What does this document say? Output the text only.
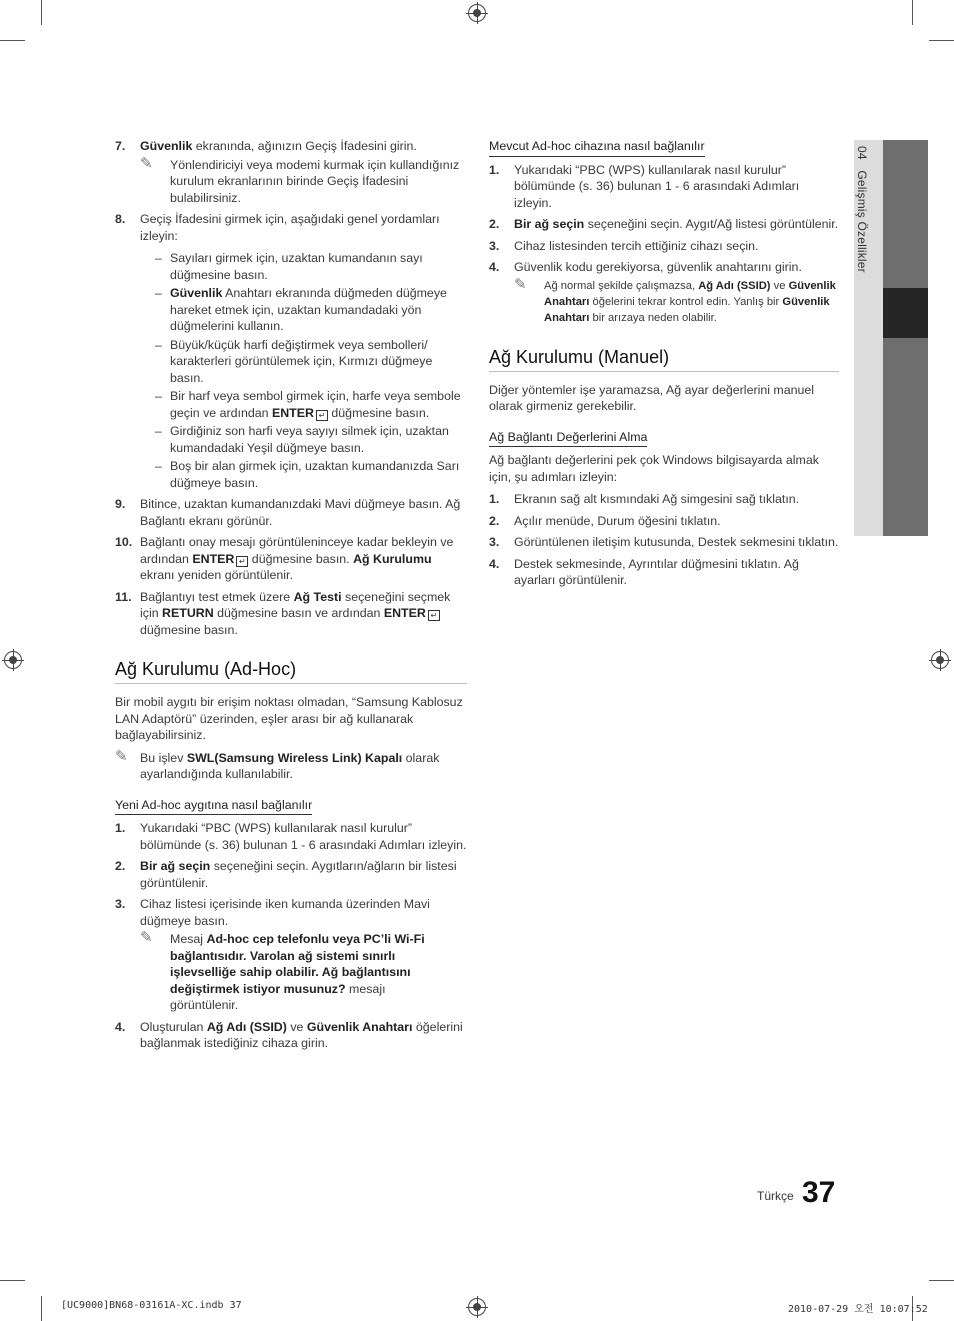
04   Gelişmiş Özellikler
7. Güvenlik ekranında, ağınızın Geçiş İfadesini girin.
✎ Yönlendiriciyi veya modemi kurmak için kullandığınız kurulum ekranlarının birinde Geçiş İfadesini bulabilirsiniz.
8. Geçiş İfadesini girmek için, aşağıdaki genel yordamları izleyin:
– Sayıları girmek için, uzaktan kumandanın sayı düğmesine basın.
– Güvenlik Anahtarı ekranında düğmeden düğmeye hareket etmek için, uzaktan kumandadaki yön düğmelerini kullanın.
– Büyük/küçük harfi değiştirmek veya sembolleri/ karakterleri görüntülemek için, Kırmızı düğmeye basın.
– Bir harf veya sembol girmek için, harfe veya sembole geçin ve ardından ENTER ↵ düğmesine basın.
– Girdiğiniz son harfi veya sayıyı silmek için, uzaktan kumandadaki Yeşil düğmeye basın.
– Boş bir alan girmek için, uzaktan kumandanızda Sarı düğmeye basın.
9. Bitince, uzaktan kumandanızdaki Mavi düğmeye basın. Ağ Bağlantı ekranı görünür.
10. Bağlantı onay mesajı görüntüleninceye kadar bekleyin ve ardından ENTER ↵ düğmesine basın. Ağ Kurulumu ekranı yeniden görüntülenir.
11. Bağlantıyı test etmek üzere Ağ Testi seçeneğini seçmek için RETURN düğmesine basın ve ardından ENTER ↵ düğmesine basın.
Ağ Kurulumu (Ad-Hoc)

Bir mobil aygıtı bir erişim noktası olmadan, “Samsung Kablosuz LAN Adaptörü” üzerinden, eşler arası bir ağ kullanarak bağlayabilirsiniz.

✎ Bu işlev SWL(Samsung Wireless Link) Kapalı olarak ayarlandığında kullanılabilir.
Yeni Ad-hoc aygıtına nasıl bağlanılır
1. Yukarıdaki “PBC (WPS) kullanılarak nasıl kurulur” bölümünde (s. 36) bulunan 1 - 6 arasındaki Adımları izleyin.
2. Bir ağ seçin seçeneğini seçin. Aygıtların/ağların bir listesi görüntülenir.
3. Cihaz listesi içerisinde iken kumanda üzerinden Mavi düğmeye basın.
✎ Mesaj Ad-hoc cep telefonlu veya PC’li Wi-Fi bağlantısıdır. Varolan ağ sistemi sınırlı işlevselliğe sahip olabilir. Ağ bağlantısını değiştirmek istiyor musunuz? mesajı görüntülenir.
4. Oluşturulan Ağ Adı (SSID) ve Güvenlik Anahtarı öğelerini bağlanmak istediğiniz cihaza girin.
Mevcut Ad-hoc cihazına nasıl bağlanılır
1. Yukarıdaki “PBC (WPS) kullanılarak nasıl kurulur” bölümünde (s. 36) bulunan 1 - 6 arasındaki Adımları izleyin.
2. Bir ağ seçin seçeneğini seçin. Aygıt/Ağ listesi görüntülenir.
3. Cihaz listesinden tercih ettiğiniz cihazı seçin.
4. Güvenlik kodu gerekiyorsa, güvenlik anahtarını girin.
✎ Ağ normal şekilde çalışmazsa, Ağ Adı (SSID) ve Güvenlik Anahtarı öğelerini tekrar kontrol edin. Yanlış bir Güvenlik Anahtarı bir arızaya neden olabilir.
Ağ Kurulumu (Manuel)

Diğer yöntemler işe yaramazsa, Ağ ayar değerlerini manuel olarak girmeniz gerekebilir.

Ağ Bağlantı Değerlerini Alma

Ağ bağlantı değerlerini pek çok Windows bilgisayarda almak için, şu adımları izleyin:

1. Ekranın sağ alt kısmındaki Ağ simgesini sağ tıklatın.
2. Açılır menüde, Durum öğesini tıklatın.
3. Görüntülenen iletişim kutusunda, Destek sekmesini tıklatın.
4. Destek sekmesinde, Ayrıntılar düğmesini tıklatın. Ağ ayarları görüntülenir.
Türkçe 37
[UC9000]BN68-03161A-XC.indb 37	2010-07-29 오전 10:07:52
